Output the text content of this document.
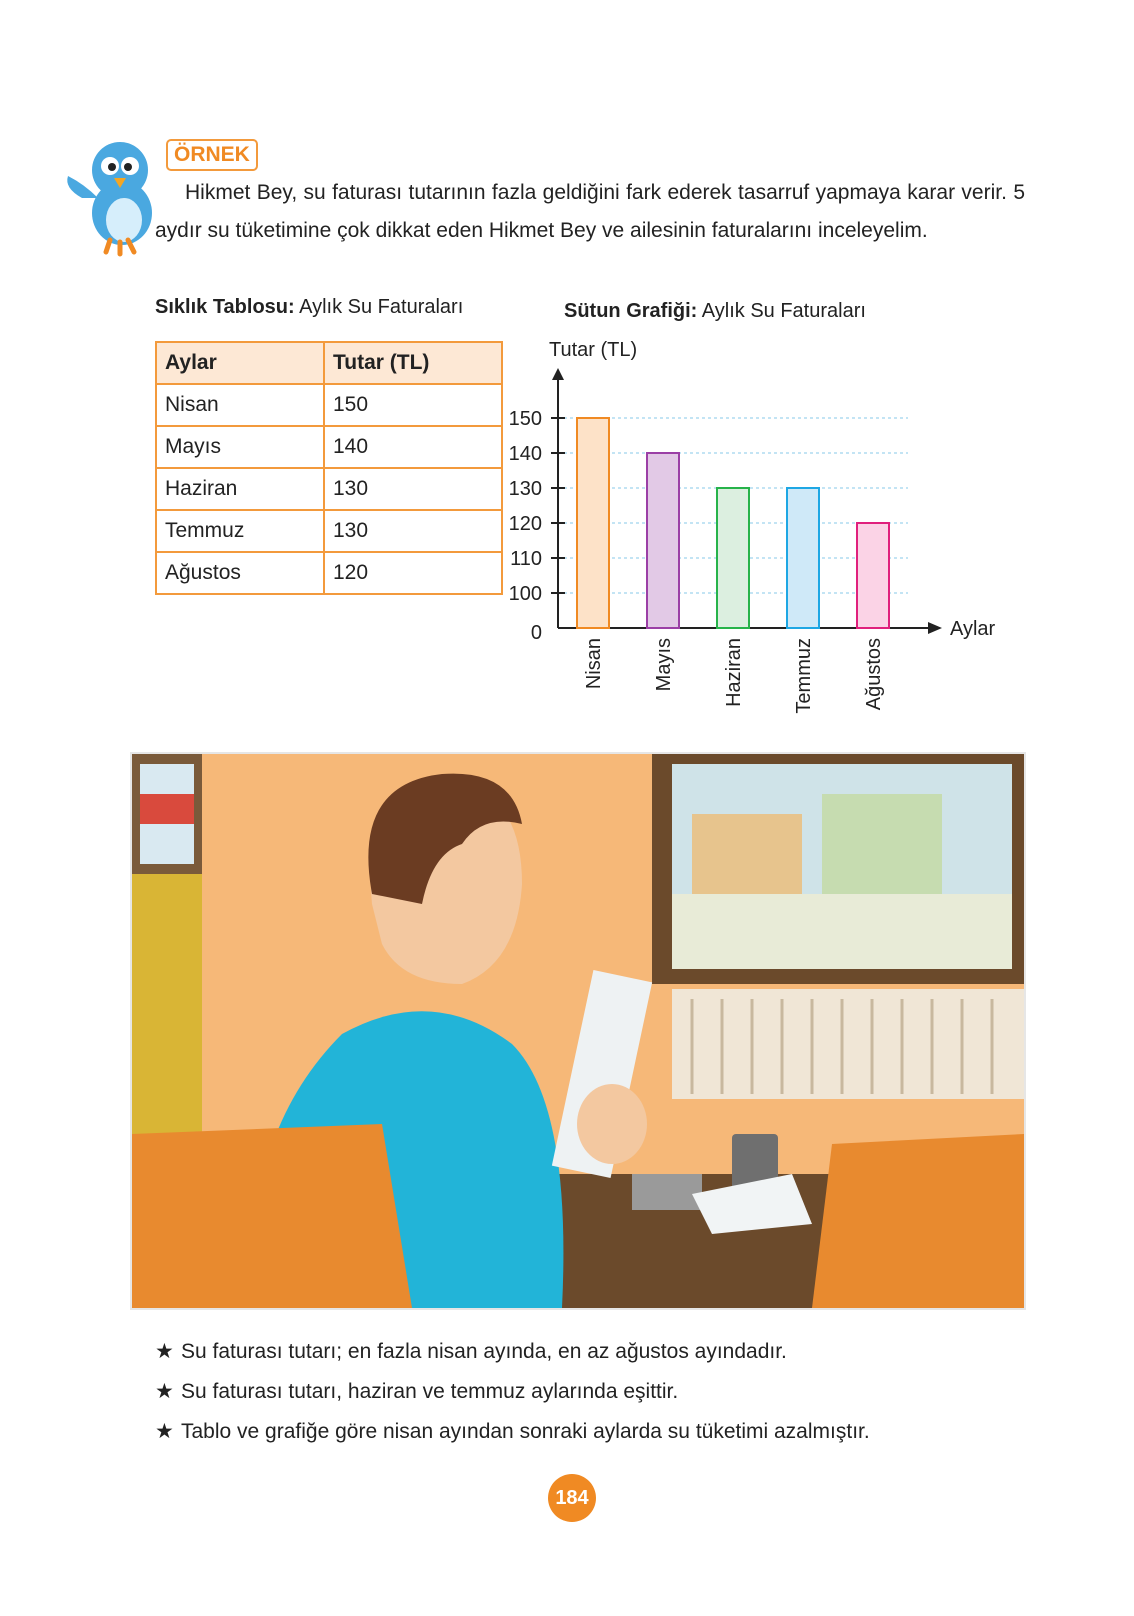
ÖRNEK
Hikmet Bey, su faturası tutarının fazla geldiğini fark ederek tasarruf yapmaya karar verir. 5 aydır su tüketimine çok dikkat eden Hikmet Bey ve ailesinin faturalarını inceleyelim.
Sıklık Tablosu: Aylık Su Faturaları
Aylar	Tutar (TL)
Nisan	150
Mayıs	140
Haziran	130
Temmuz	130
Ağustos	120
Sütun Grafiği: Aylık Su Faturaları
Tutar (TL)
Aylar
0
100
110
120
130
140
150
Nisan Mayıs Haziran Temmuz Ağustos
★ Su faturası tutarı; en fazla nisan ayında, en az ağustos ayındadır.
★ Su faturası tutarı, haziran ve temmuz aylarında eşittir.
★ Tablo ve grafiğe göre nisan ayından sonraki aylarda su tüketimi azalmıştır.
184
